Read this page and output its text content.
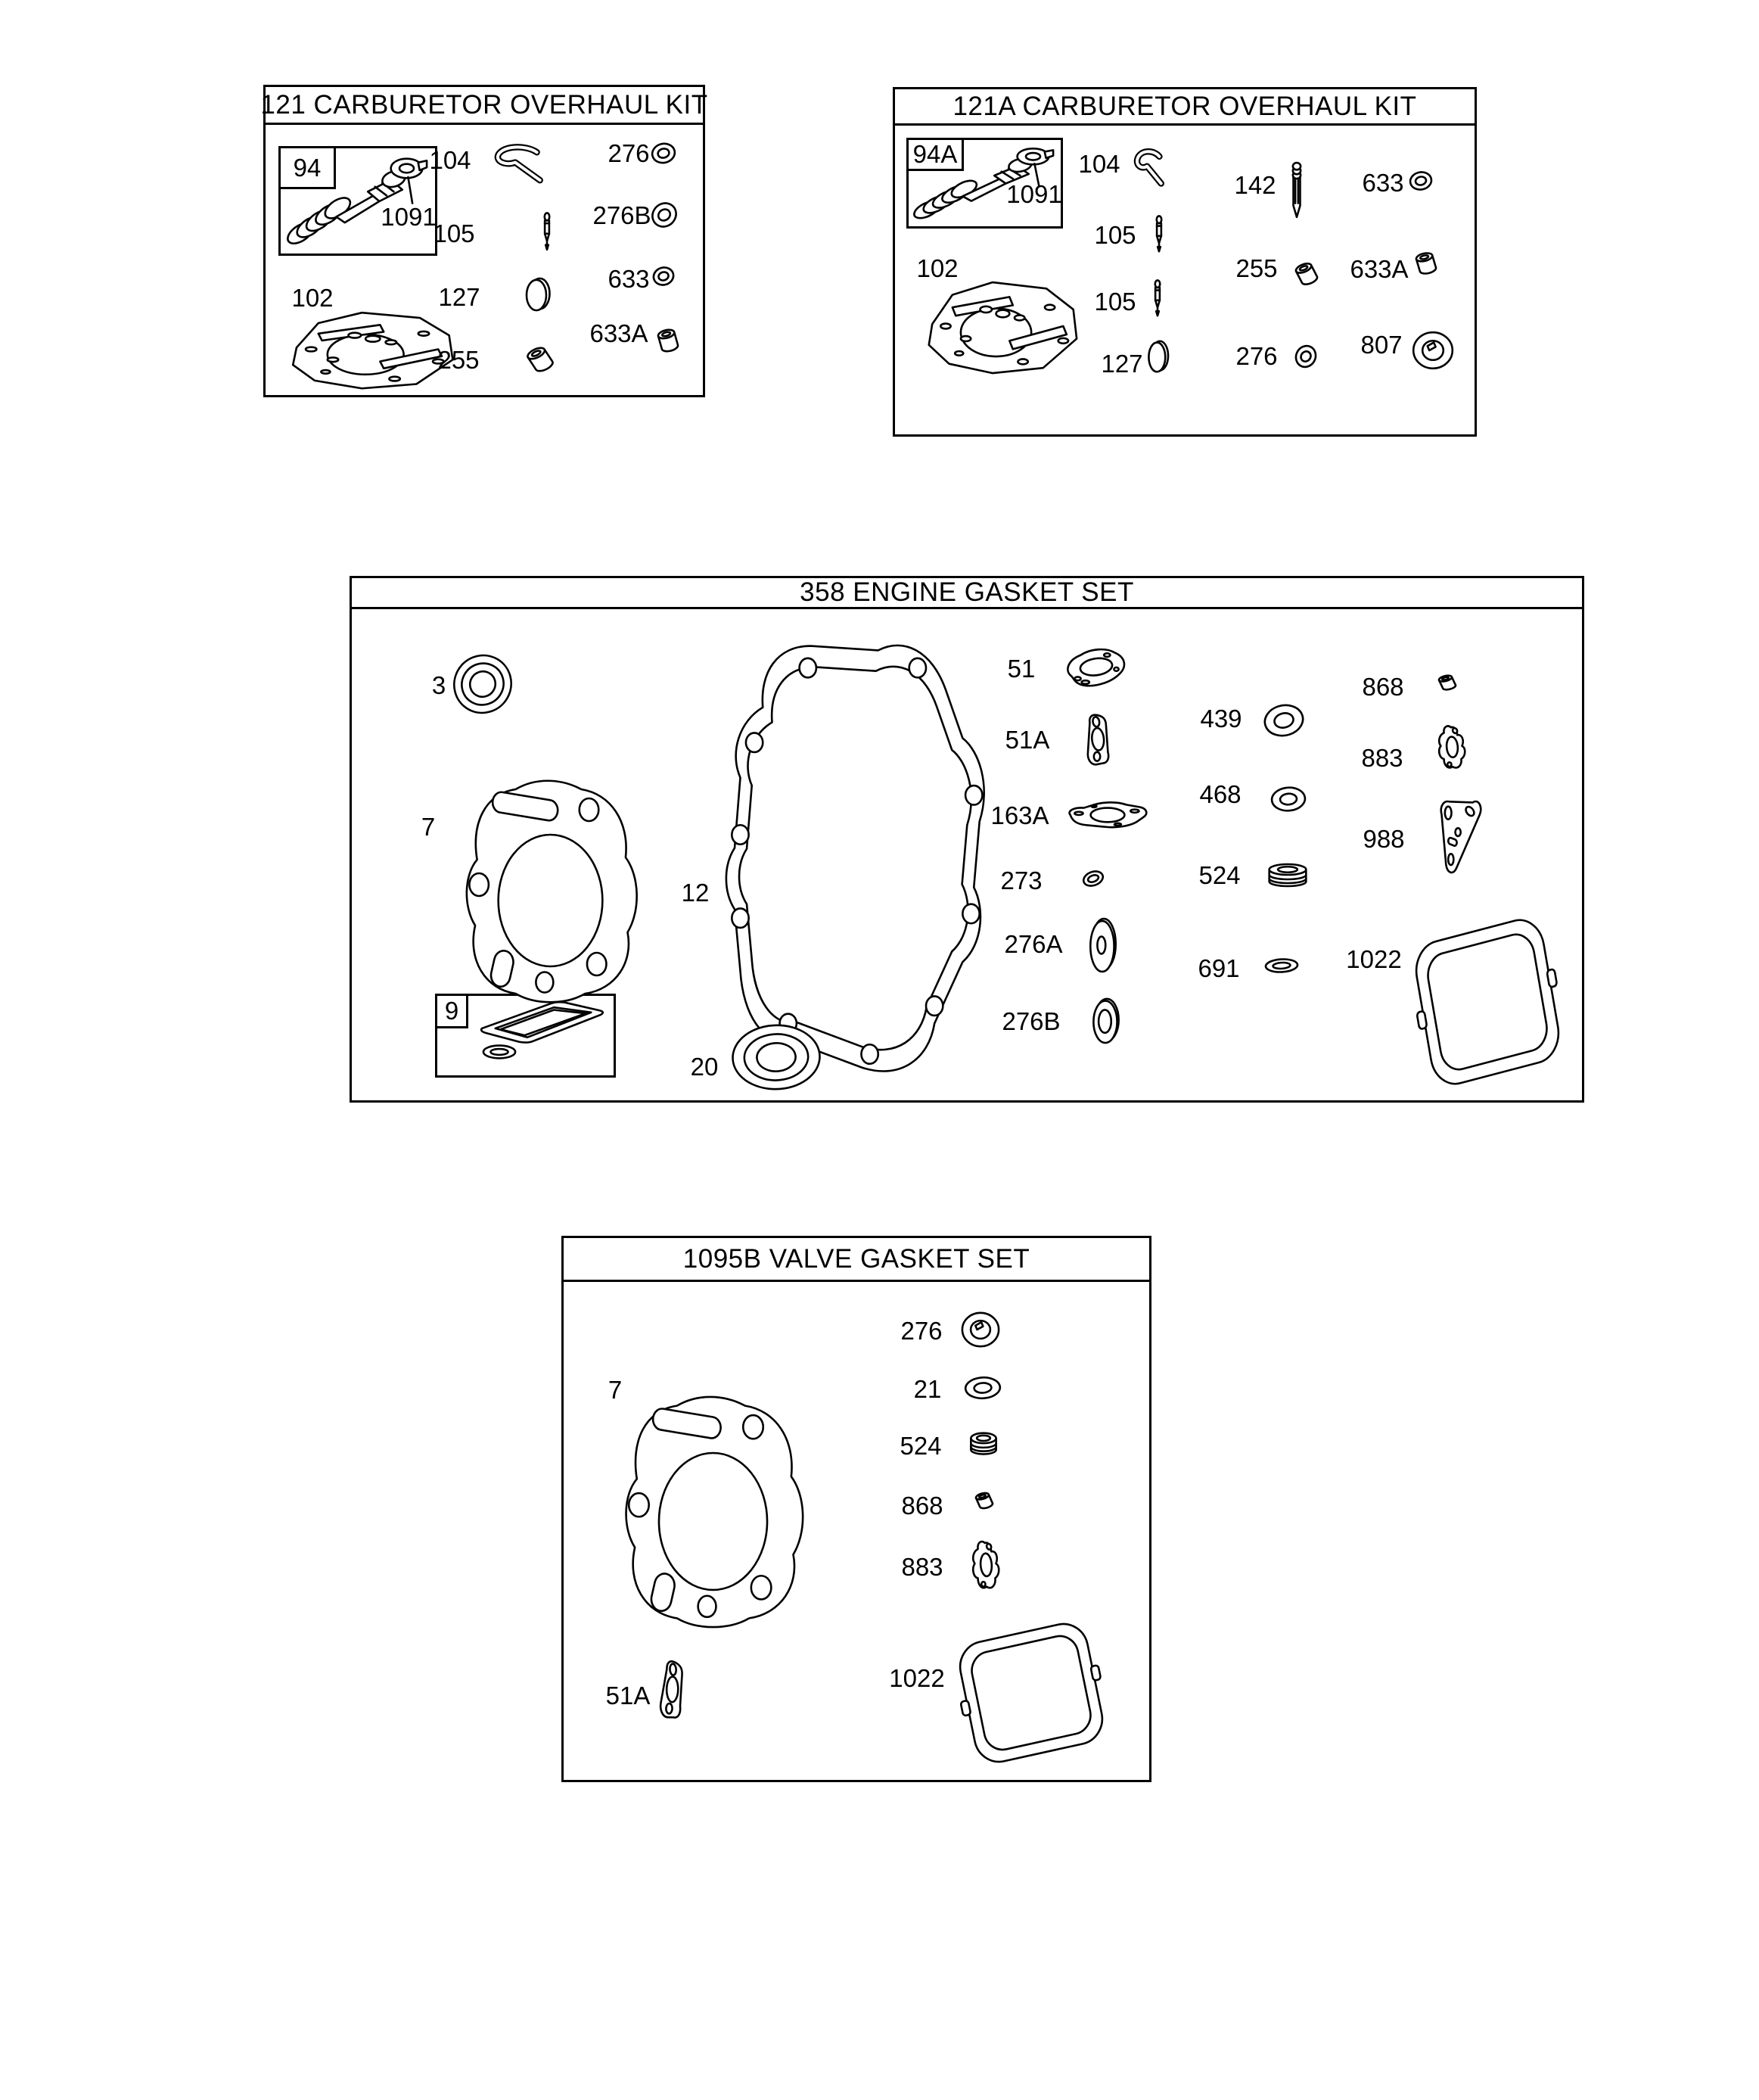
121 CARBURETOR OVERHAUL KIT	121A CARBURETOR OVERHAUL KIT
358 ENGINE GASKET SET
1095B VALVE GASKET SET
94
1091
102
104
105
127
255
276
276B
633
633A
94A
1091
104
105
105
102
127
142
255
276
633
633A
807
9
3
7
12
20
51
51A
163A
273
276A
276B
439
468
524
691
868
883
988
1022
7
276
21
524
868
883
51A
1022
